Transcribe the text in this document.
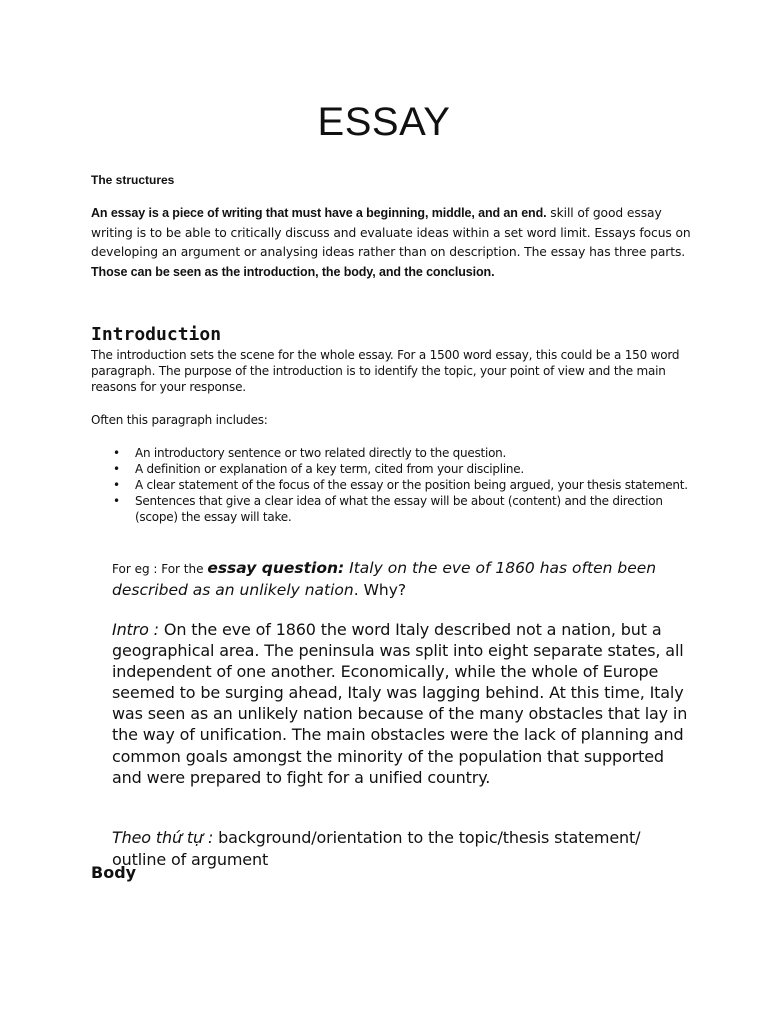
ESSAY

The structures

An essay is a piece of writing that must have a beginning, middle, and an end. skill of good essay writing is to be able to critically discuss and evaluate ideas within a set word limit. Essays focus on developing an argument or analysing ideas rather than on description. The essay has three parts. Those can be seen as the introduction, the body, and the conclusion.

Introduction

The introduction sets the scene for the whole essay. For a 1500 word essay, this could be a 150 word paragraph. The purpose of the introduction is to identify the topic, your point of view and the main reasons for your response.

Often this paragraph includes:

• An introductory sentence or two related directly to the question.
• A definition or explanation of a key term, cited from your discipline.
• A clear statement of the focus of the essay or the position being argued, your thesis statement.
• Sentences that give a clear idea of what the essay will be about (content) and the direction (scope) the essay will take.

For eg : For the essay question: Italy on the eve of 1860 has often been described as an unlikely nation. Why?

Intro : On the eve of 1860 the word Italy described not a nation, but a geographical area. The peninsula was split into eight separate states, all independent of one another. Economically, while the whole of Europe seemed to be surging ahead, Italy was lagging behind. At this time, Italy was seen as an unlikely nation because of the many obstacles that lay in the way of unification. The main obstacles were the lack of planning and common goals amongst the minority of the population that supported and were prepared to fight for a unified country.

Theo thứ tự : background/orientation to the topic/thesis statement/ outline of argument

Body
